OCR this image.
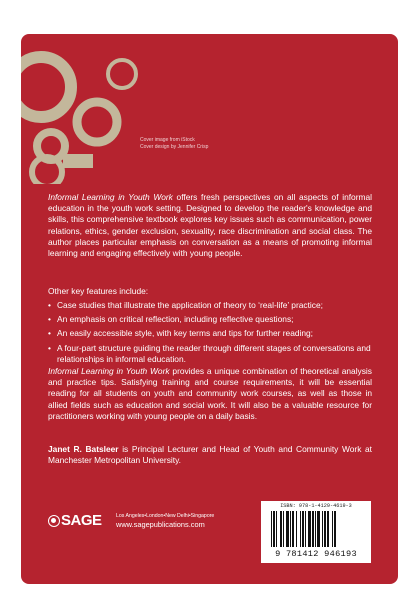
Cover image from iStock
Cover design by Jennifer Crisp
Informal Learning in Youth Work offers fresh perspectives on all aspects of informal education in the youth work setting. Designed to develop the reader's knowledge and skills, this comprehensive textbook explores key issues such as communication, power relations, ethics, gender exclusion, sexuality, race discrimination and social class. The author places particular emphasis on conversation as a means of promoting informal learning and engaging effectively with young people.
Other key features include:
• Case studies that illustrate the application of theory to ‘real-life’ practice;
• An emphasis on critical reflection, including reflective questions;
• An easily accessible style, with key terms and tips for further reading;
• A four-part structure guiding the reader through different stages of conversations and relationships in informal education.
Informal Learning in Youth Work provides a unique combination of theoretical analysis and practice tips. Satisfying training and course requirements, it will be essential reading for all students on youth and community work courses, as well as those in allied fields such as education and social work. It will also be a valuable resource for practitioners working with young people on a daily basis.
Janet R. Batsleer is Principal Lecturer and Head of Youth and Community Work at Manchester Metropolitan University.
SAGE	Los Angeles•London•New Delhi•Singapore
www.sagepublications.com
ISBN: 978-1-4129-4619-3
9 781412 946193
